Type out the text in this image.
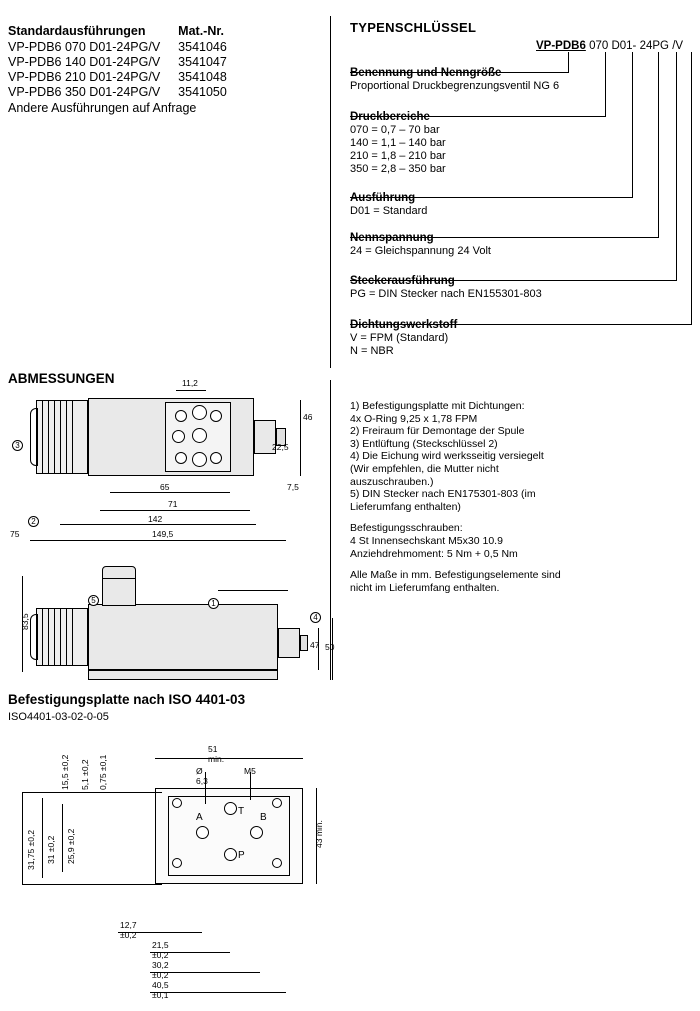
Standardausführungen	Mat.-Nr.
VP-PDB6 070 D01-24PG/V	3541046
VP-PDB6 140 D01-24PG/V	3541047
VP-PDB6 210 D01-24PG/V	3541048
VP-PDB6 350 D01-24PG/V	3541050
Andere Ausführungen auf Anfrage
TYPENSCHLÜSSEL
VP-PDB6 070 D01- 24PG /V
Benennung und Nenngröße
Proportional Druckbegrenzungsventil NG 6
Druckbereiche
070 = 0,7 – 70 bar
140 = 1,1 – 140 bar
210 = 1,8 – 210 bar
350 = 2,8 – 350 bar
Ausführung
D01 = Standard
Nennspannung
24 = Gleichspannung 24 Volt
Steckerausführung
PG = DIN Stecker nach EN155301-803
Dichtungswerkstoff
V = FPM (Standard)
N = NBR
ABMESSUNGEN	11,2
46
22,5
65	7,5
71
142
149,5
75
3
2
83,5
47 50
5	1
4

1) Befestigungsplatte mit Dichtungen:

4x O-Ring 9,25 x 1,78 FPM

2) Freiraum für Demontage der Spule

3) Entlüftung (Steckschlüssel 2)

4) Die Eichung wird werksseitig versiegelt

(Wir empfehlen, die Mutter nicht

auszuschrauben.)

5) DIN Stecker nach EN175301-803 (im

Lieferumfang enthalten)

Befestigungsschrauben:

4 St Innensechskant M5x30 10.9

Anziehdrehmoment: 5 Nm + 0,5 Nm

Alle Maße in mm. Befestigungselemente sind

nicht im Lieferumfang enthalten.

Befestigungsplatte nach ISO 4401-03
ISO4401-03-02-0-05
T
A	B
P
51 min.
Ø 6,3
M5
43 min.
15,5 ±0,2 5,1 ±0,2 0,75 ±0,1
31,75 ±0,2 31 ±0,2 25,9 ±0,2
12,7 ±0,2
21,5 ±0,2
30,2 ±0,2
40,5 ±0,1
